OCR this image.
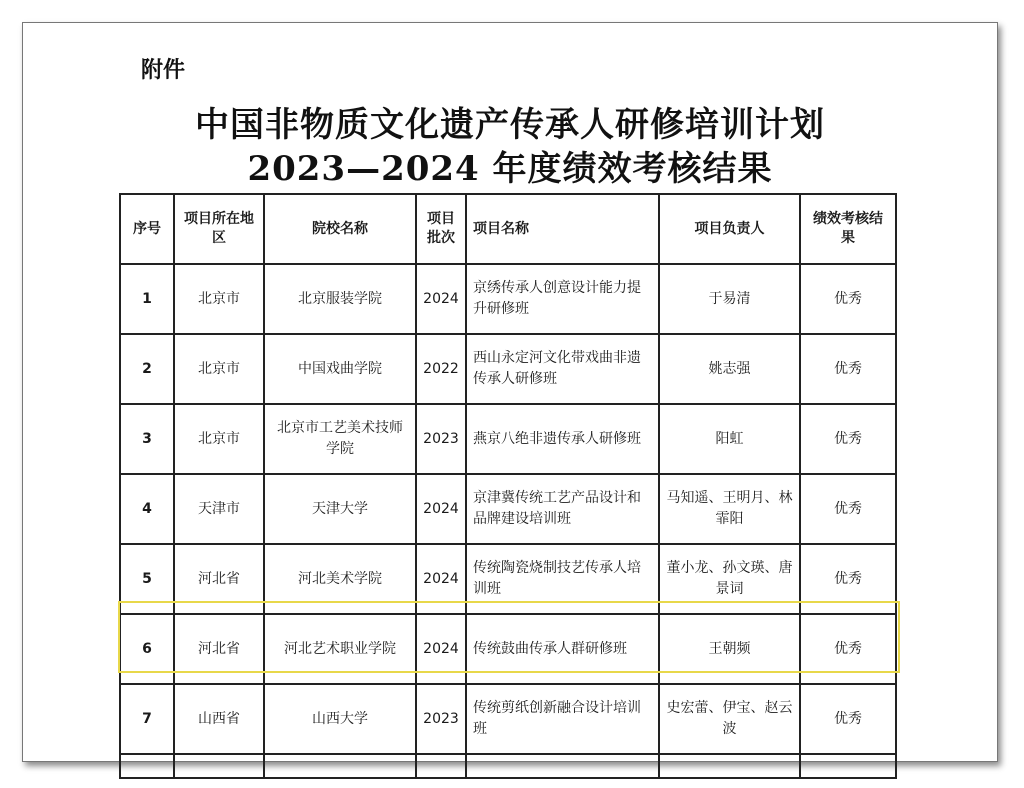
附件
中国非物质文化遗产传承人研修培训计划
2023—2024 年度绩效考核结果
序号	项目所在地区	院校名称	项目批次	项目名称	项目负责人	绩效考核结果
1	北京市	北京服装学院	2024	京绣传承人创意设计能力提升研修班	于易清	优秀
2	北京市	中国戏曲学院	2022	西山永定河文化带戏曲非遗传承人研修班	姚志强	优秀
3	北京市	北京市工艺美术技师学院	2023	燕京八绝非遗传承人研修班	阳虹	优秀
4	天津市	天津大学	2024	京津冀传统工艺产品设计和品牌建设培训班	马知遥、王明月、林霏阳	优秀
5	河北省	河北美术学院	2024	传统陶瓷烧制技艺传承人培训班	董小龙、孙文瑛、唐景词	优秀
6	河北省	河北艺术职业学院	2024	传统鼓曲传承人群研修班	王朝频	优秀
7	山西省	山西大学	2023	传统剪纸创新融合设计培训班	史宏蕾、伊宝、赵云波	优秀
